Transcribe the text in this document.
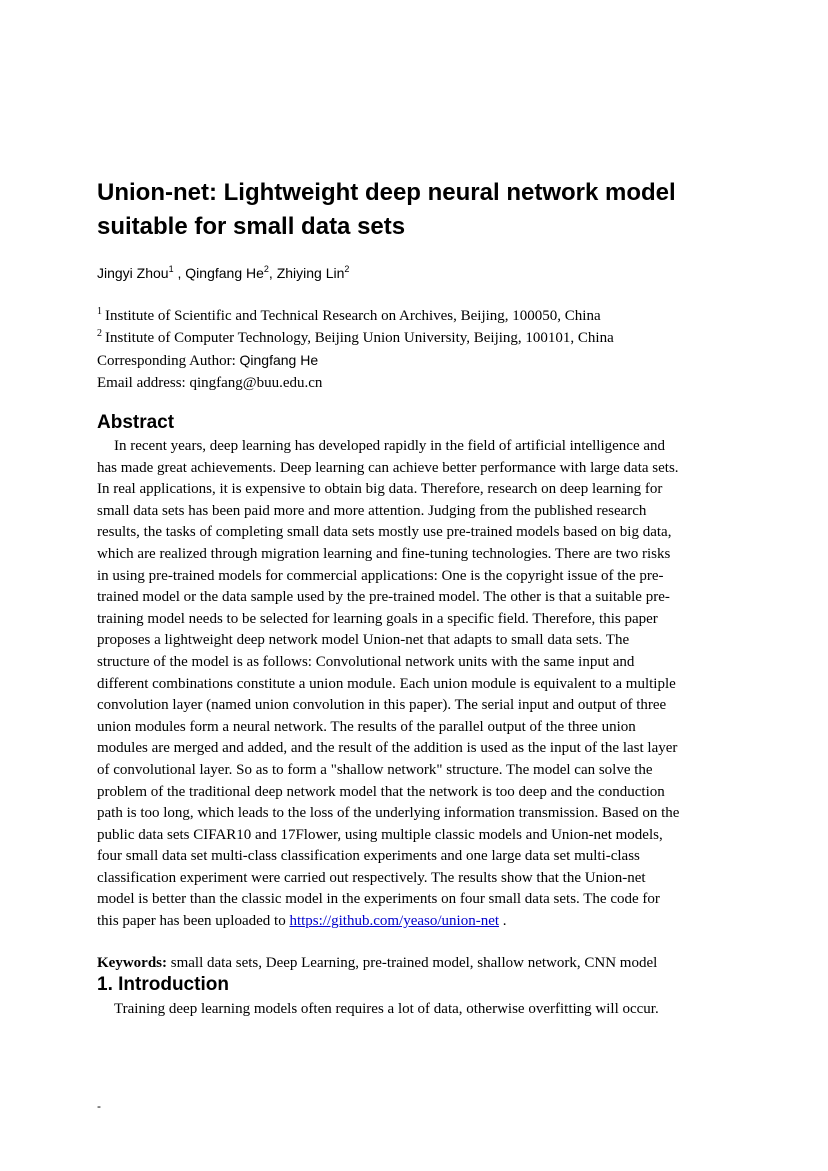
Union-net: Lightweight deep neural network model
suitable for small data sets
Jingyi Zhou$^1$ , Qingfang He$^2$, Zhiying Lin$^2$
$^1$ Institute of Scientific and Technical Research on Archives, Beijing, 100050, China
$^2$ Institute of Computer Technology, Beijing Union University, Beijing, 100101, China
Corresponding Author: Qingfang He
Email address: qingfang@buu.edu.cn
Abstract
In recent years, deep learning has developed rapidly in the field of artificial intelligence and
has made great achievements. Deep learning can achieve better performance with large data sets.
In real applications, it is expensive to obtain big data. Therefore, research on deep learning for
small data sets has been paid more and more attention. Judging from the published research
results, the tasks of completing small data sets mostly use pre-trained models based on big data,
which are realized through migration learning and fine-tuning technologies. There are two risks
in using pre-trained models for commercial applications: One is the copyright issue of the pre-
trained model or the data sample used by the pre-trained model. The other is that a suitable pre-
training model needs to be selected for learning goals in a specific field. Therefore, this paper
proposes a lightweight deep network model Union-net that adapts to small data sets. The
structure of the model is as follows: Convolutional network units with the same input and
different combinations constitute a union module. Each union module is equivalent to a multiple
convolution layer (named union convolution in this paper). The serial input and output of three
union modules form a neural network. The results of the parallel output of the three union
modules are merged and added, and the result of the addition is used as the input of the last layer
of convolutional layer. So as to form a "shallow network" structure. The model can solve the
problem of the traditional deep network model that the network is too deep and the conduction
path is too long, which leads to the loss of the underlying information transmission. Based on the
public data sets CIFAR10 and 17Flower, using multiple classic models and Union-net models,
four small data set multi-class classification experiments and one large data set multi-class
classification experiment were carried out respectively. The results show that the Union-net
model is better than the classic model in the experiments on four small data sets. The code for
this paper has been uploaded to https://github.com/yeaso/union-net .
Keywords: small data sets, Deep Learning, pre-trained model, shallow network, CNN model
1. Introduction
Training deep learning models often requires a lot of data, otherwise overfitting will occur.
-
